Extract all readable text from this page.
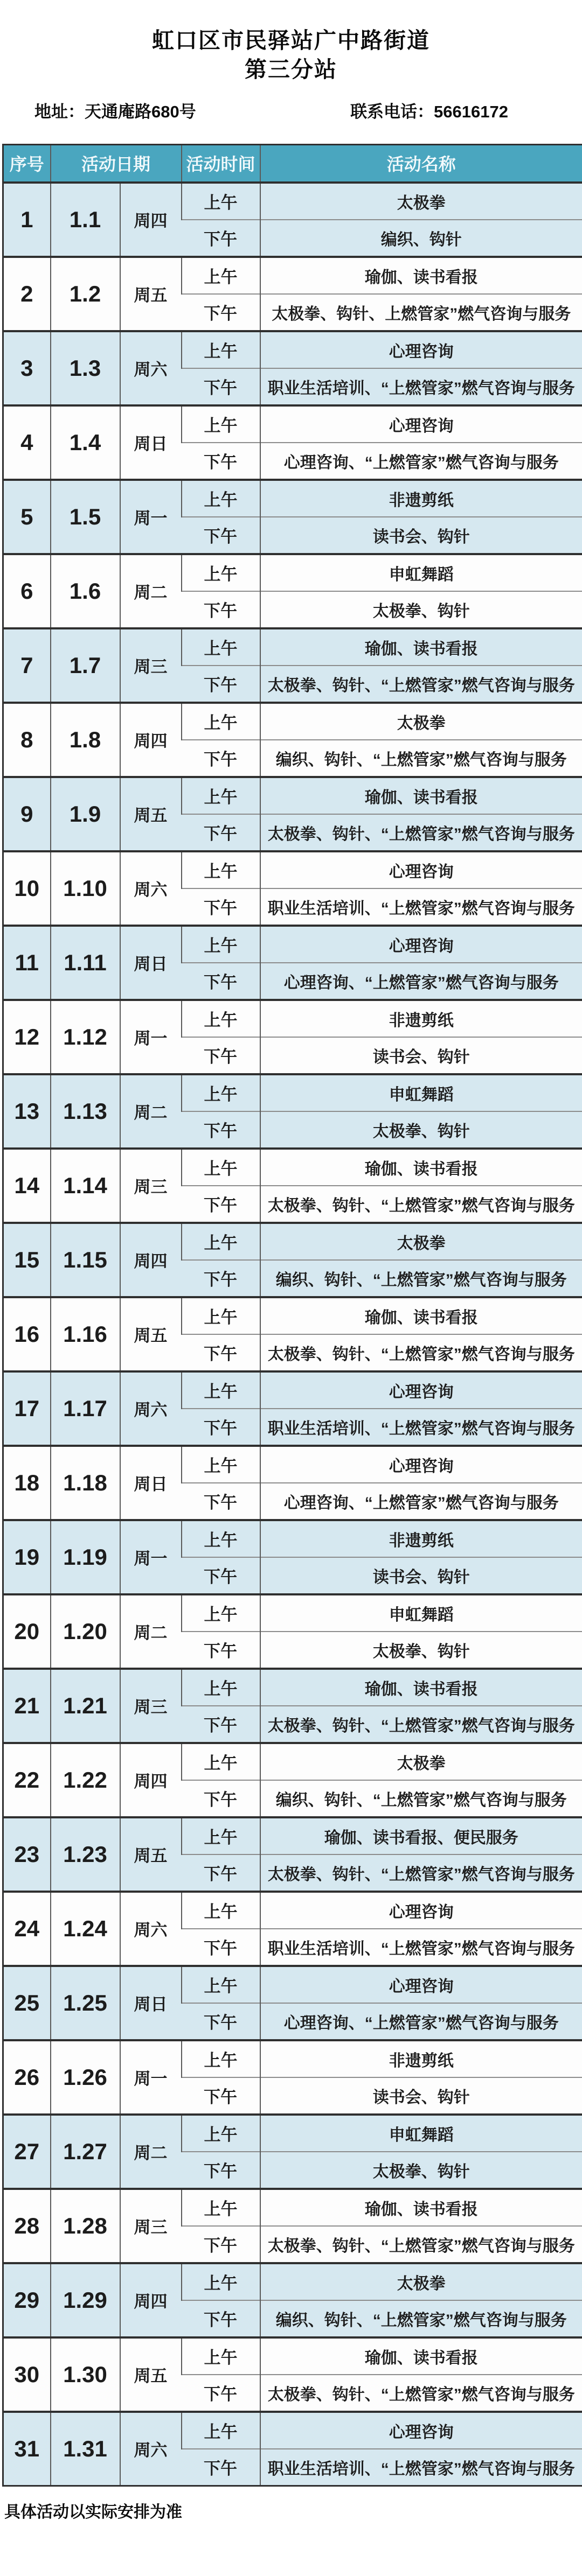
虹口区市民驿站广中路街道
第三分站
地址：天通庵路680号	联系电话：56616172
序号	活动日期		活动时间	活动名称
1	1.1	周四	上午	太极拳
			下午	编织、钩针
2	1.2	周五	上午	瑜伽、读书看报
			下午	太极拳、钩针、上燃管家”燃气咨询与服务
3	1.3	周六	上午	心理咨询
			下午	职业生活培训、“上燃管家”燃气咨询与服务
4	1.4	周日	上午	心理咨询
			下午	心理咨询、“上燃管家”燃气咨询与服务
5	1.5	周一	上午	非遗剪纸
			下午	读书会、钩针
6	1.6	周二	上午	申虹舞蹈
			下午	太极拳、钩针
7	1.7	周三	上午	瑜伽、读书看报
			下午	太极拳、钩针、“上燃管家”燃气咨询与服务
8	1.8	周四	上午	太极拳
			下午	编织、钩针、“上燃管家”燃气咨询与服务
9	1.9	周五	上午	瑜伽、读书看报
			下午	太极拳、钩针、“上燃管家”燃气咨询与服务
10	1.10	周六	上午	心理咨询
			下午	职业生活培训、“上燃管家”燃气咨询与服务
11	1.11	周日	上午	心理咨询
			下午	心理咨询、“上燃管家”燃气咨询与服务
12	1.12	周一	上午	非遗剪纸
			下午	读书会、钩针
13	1.13	周二	上午	申虹舞蹈
			下午	太极拳、钩针
14	1.14	周三	上午	瑜伽、读书看报
			下午	太极拳、钩针、“上燃管家”燃气咨询与服务
15	1.15	周四	上午	太极拳
			下午	编织、钩针、“上燃管家”燃气咨询与服务
16	1.16	周五	上午	瑜伽、读书看报
			下午	太极拳、钩针、“上燃管家”燃气咨询与服务
17	1.17	周六	上午	心理咨询
			下午	职业生活培训、“上燃管家”燃气咨询与服务
18	1.18	周日	上午	心理咨询
			下午	心理咨询、“上燃管家”燃气咨询与服务
19	1.19	周一	上午	非遗剪纸
			下午	读书会、钩针
20	1.20	周二	上午	申虹舞蹈
			下午	太极拳、钩针
21	1.21	周三	上午	瑜伽、读书看报
			下午	太极拳、钩针、“上燃管家”燃气咨询与服务
22	1.22	周四	上午	太极拳
			下午	编织、钩针、“上燃管家”燃气咨询与服务
23	1.23	周五	上午	瑜伽、读书看报、便民服务
			下午	太极拳、钩针、“上燃管家”燃气咨询与服务
24	1.24	周六	上午	心理咨询
			下午	职业生活培训、“上燃管家”燃气咨询与服务
25	1.25	周日	上午	心理咨询
			下午	心理咨询、“上燃管家”燃气咨询与服务
26	1.26	周一	上午	非遗剪纸
			下午	读书会、钩针
27	1.27	周二	上午	申虹舞蹈
			下午	太极拳、钩针
28	1.28	周三	上午	瑜伽、读书看报
			下午	太极拳、钩针、“上燃管家”燃气咨询与服务
29	1.29	周四	上午	太极拳
			下午	编织、钩针、“上燃管家”燃气咨询与服务
30	1.30	周五	上午	瑜伽、读书看报
			下午	太极拳、钩针、“上燃管家”燃气咨询与服务
31	1.31	周六	上午	心理咨询
			下午	职业生活培训、“上燃管家”燃气咨询与服务
具体活动以实际安排为准
